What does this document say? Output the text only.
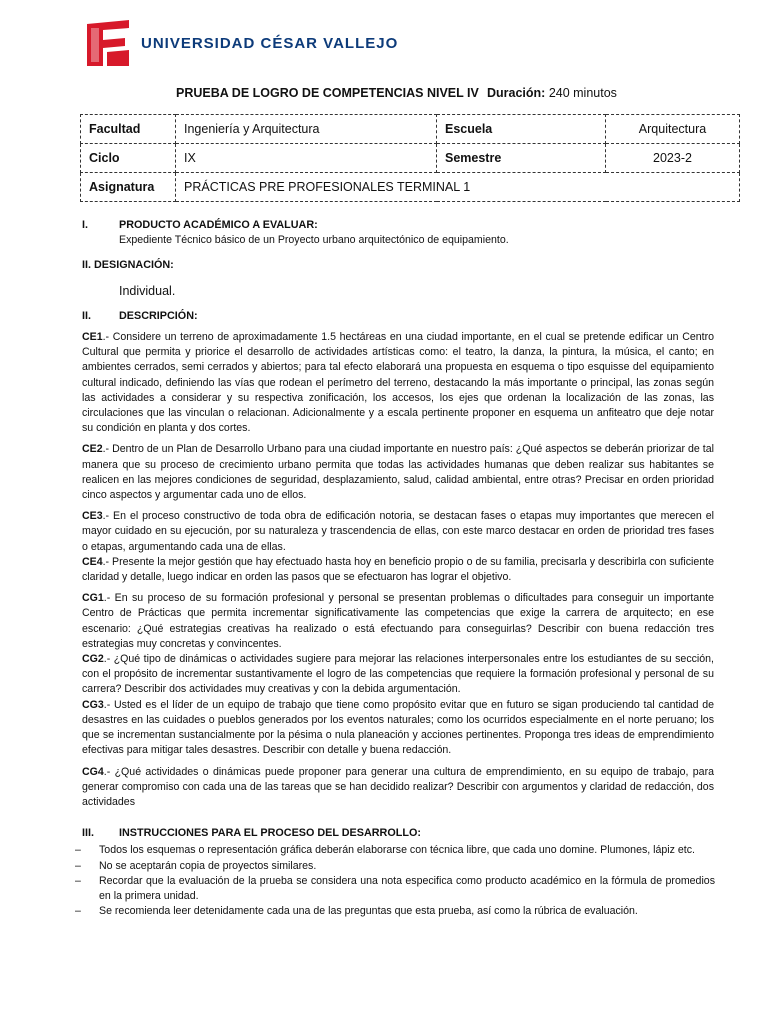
UNIVERSIDAD CÉSAR VALLEJO
PRUEBA DE LOGRO DE COMPETENCIAS NIVEL IV Duración: 240 minutos
Facultad	Ingeniería y Arquitectura	Escuela	Arquitectura
Ciclo	IX	Semestre	2023-2
Asignatura	PRÁCTICAS PRE PROFESIONALES TERMINAL 1		
I.	PRODUCTO ACADÉMICO A EVALUAR:
Expediente Técnico básico de un Proyecto urbano arquitectónico de equipamiento.
II. DESIGNACIÓN:
Individual.
II.	DESCRIPCIÓN:

CE1.- Considere un terreno de aproximadamente 1.5 hectáreas en una ciudad importante, en el cual se pretende edificar un Centro Cultural que permita y priorice el desarrollo de actividades artísticas como: el teatro, la danza, la pintura, la música, el canto; en ambientes cerrados, semi cerrados y abiertos; para tal efecto elaborará una propuesta en esquema o tipo esquisse del equipamiento cultural indicado, definiendo las vías que rodean el perímetro del terreno, destacando la más importante o principal, las zonas según las actividades a considerar y su respectiva zonificación, los accesos, los ejes que ordenan la localización de las zonas, las circulaciones que las vinculan o relacionan. Adicionalmente y a escala pertinente proponer en esquema un anfiteatro que deje notar su condición en planta y dos cortes.

CE2.- Dentro de un Plan de Desarrollo Urbano para una ciudad importante en nuestro país: ¿Qué aspectos se deberán priorizar de tal manera que su proceso de crecimiento urbano permita que todas las actividades humanas que deben realizar sus habitantes se realicen en las mejores condiciones de seguridad, desplazamiento, salud, calidad ambiental, entre otras? Precisar en orden prioridad cinco aspectos y argumentar cada uno de ellos.

CE3.- En el proceso constructivo de toda obra de edificación notoria, se destacan fases o etapas muy importantes que merecen el mayor cuidado en su ejecución, por su naturaleza y trascendencia de ellas, con este marco destacar en orden de prioridad tres fases o etapas, argumentando cada una de ellas.

CE4.- Presente la mejor gestión que hay efectuado hasta hoy en beneficio propio o de su familia, precisarla y describirla con suficiente claridad y detalle, luego indicar en orden las pasos que se efectuaron has lograr el objetivo.

CG1.- En su proceso de su formación profesional y personal se presentan problemas o dificultades para conseguir un importante Centro de Prácticas que permita incrementar significativamente las competencias que exige la carrera de arquitecto; en ese escenario: ¿Qué estrategias creativas ha realizado o está efectuando para conseguirlas? Describir con buena redacción tres estrategias muy concretas y convincentes.

CG2.- ¿Qué tipo de dinámicas o actividades sugiere para mejorar las relaciones interpersonales entre los estudiantes de su sección, con el propósito de incrementar sustantivamente el logro de las competencias que requiere la formación profesional y personal de su carrera? Describir dos actividades muy creativas y con la debida argumentación.

CG3.- Usted es el líder de un equipo de trabajo que tiene como propósito evitar que en futuro se sigan produciendo tal cantidad de desastres en las cuidades o pueblos generados por los eventos naturales; como los ocurridos especialmente en el norte peruano; los que se incrementan sustancialmente por la pésima o nula planeación y acciones pertinentes. Proponga tres ideas de emprendimiento efectivas para mitigar tales desastres. Describir con detalle y buena redacción.

CG4.- ¿Qué actividades o dinámicas puede proponer para generar una cultura de emprendimiento, en su equipo de trabajo, para generar compromiso con cada una de las tareas que se han decidido realizar? Describir con argumentos y claridad de redacción, dos actividades

III.	INSTRUCCIONES PARA EL PROCESO DEL DESARROLLO:
–	Todos los esquemas o representación gráfica deberán elaborarse con técnica libre, que cada uno domine. Plumones, lápiz etc.
–	No se aceptarán copia de proyectos similares.
–	Recordar que la evaluación de la prueba se considera una nota especifica como producto académico en la fórmula de promedios en la primera unidad.
–	Se recomienda leer detenidamente cada una de las preguntas que esta prueba, así como la rúbrica de evaluación.
